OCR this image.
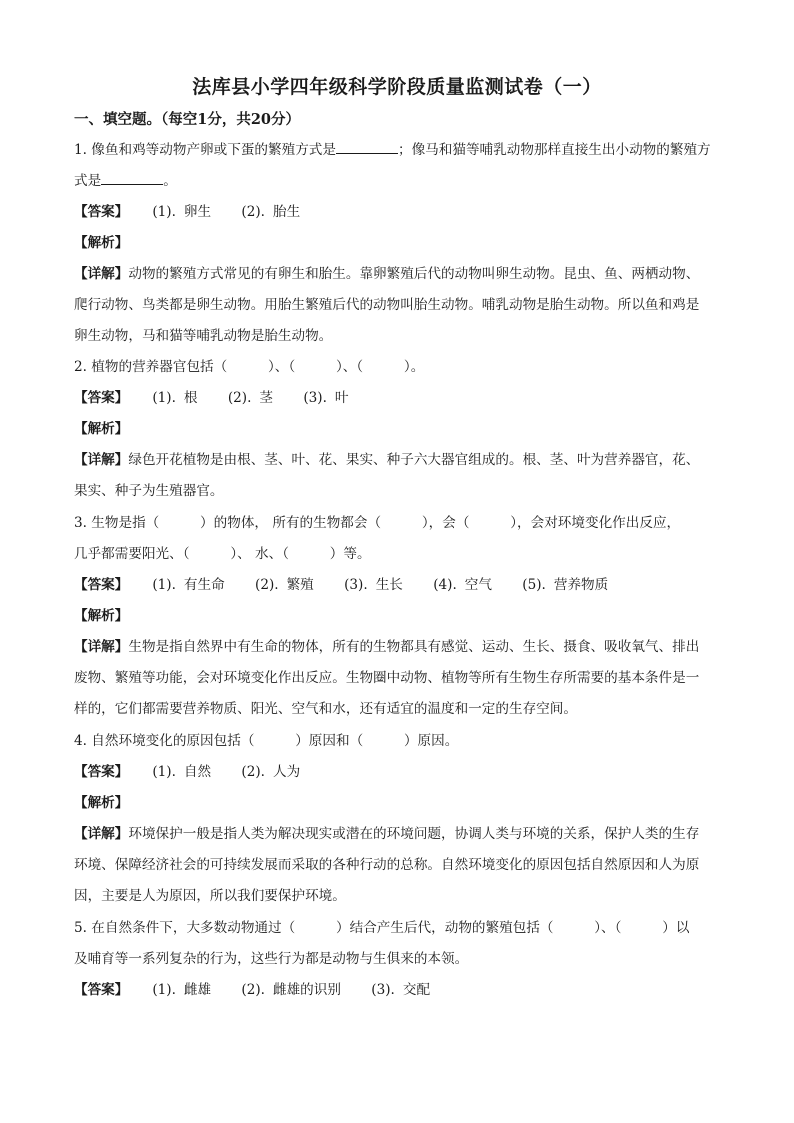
法库县小学四年级科学阶段质量监测试卷（一）
一、填空题。（每空1分，共20分）
1. 像鱼和鸡等动物产卵或下蛋的繁殖方式是	；像马和猫等哺乳动物那样直接生出小动物的繁殖方
式是	。
【答案】 (1). 卵生 (2). 胎生
【解析】
【详解】动物的繁殖方式常见的有卵生和胎生。靠卵繁殖后代的动物叫卵生动物。昆虫、鱼、两栖动物、
爬行动物、鸟类都是卵生动物。用胎生繁殖后代的动物叫胎生动物。哺乳动物是胎生动物。所以鱼和鸡是
卵生动物，马和猫等哺乳动物是胎生动物。
2. 植物的营养器官包括（　　　）、（　　　）、（　　　）。
【答案】 (1). 根 (2). 茎 (3). 叶
【解析】
【详解】绿色开花植物是由根、茎、叶、花、果实、种子六大器官组成的。根、茎、叶为营养器官，花、
果实、种子为生殖器官。
3. 生物是指（　　　）的物体， 所有的生物都会（　　　），会（　　　），会对环境变化作出反应，
几乎都需要阳光、（　　　）、 水、（　　　）等。
【答案】 (1). 有生命 (2). 繁殖 (3). 生长 (4). 空气 (5). 营养物质
【解析】
【详解】生物是指自然界中有生命的物体，所有的生物都具有感觉、运动、生长、摄食、吸收氧气、排出
废物、繁殖等功能，会对环境变化作出反应。生物圈中动物、植物等所有生物生存所需要的基本条件是一
样的，它们都需要营养物质、阳光、空气和水，还有适宜的温度和一定的生存空间。
4. 自然环境变化的原因包括（　　　）原因和（　　　）原因。
【答案】 (1). 自然 (2). 人为
【解析】
【详解】环境保护一般是指人类为解决现实或潜在的环境问题，协调人类与环境的关系，保护人类的生存
环境、保障经济社会的可持续发展而采取的各种行动的总称。自然环境变化的原因包括自然原因和人为原
因，主要是人为原因，所以我们要保护环境。
5. 在自然条件下，大多数动物通过（　　　）结合产生后代，动物的繁殖包括（　　　）、（　　　）以
及哺育等一系列复杂的行为，这些行为都是动物与生俱来的本领。
【答案】 (1). 雌雄 (2). 雌雄的识别 (3). 交配
